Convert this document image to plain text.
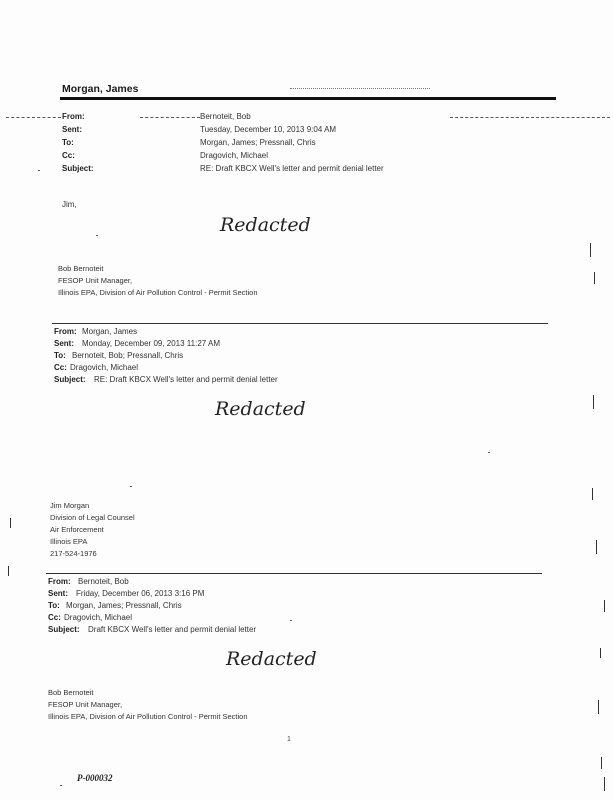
Morgan, James
From:	Bernoteit, Bob
Sent:	Tuesday, December 10, 2013 9:04 AM
To:	Morgan, James; Pressnall, Chris
Cc:	Dragovich, Michael
Subject:	RE: Draft KBCX Well's letter and permit denial letter
Jim,
Redacted
Bob Bernoteit
FESOP Unit Manager,
Illinois EPA, Division of Air Pollution Control - Permit Section
From: Morgan, James
Sent: Monday, December 09, 2013 11:27 AM
To: Bernoteit, Bob; Pressnall, Chris
Cc: Dragovich, Michael
Subject: RE: Draft KBCX Well's letter and permit denial letter
Redacted
Jim Morgan
Division of Legal Counsel
Air Enforcement
Illinois EPA
217-524-1976
From: Bernoteit, Bob
Sent: Friday, December 06, 2013 3:16 PM
To: Morgan, James; Pressnall, Chris
Cc: Dragovich, Michael
Subject: Draft KBCX Well's letter and permit denial letter
Redacted
Bob Bernoteit
FESOP Unit Manager,
Illinois EPA, Division of Air Pollution Control - Permit Section
1
P-000032
